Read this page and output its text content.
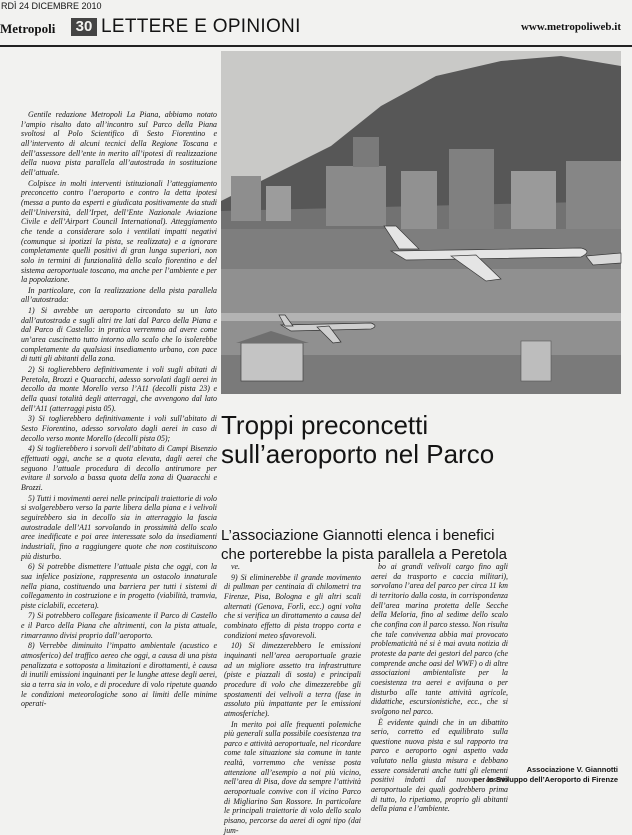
RDÌ 24 DICEMBRE 2010
Metropoli	30 LETTERE E OPINIONI	www.metropoliweb.it

Gentile redazione Metropoli La Piana, abbiamo notato l’ampio risalto dato all’incontro sul Parco della Piana svoltosi al Polo Scientifico di Sesto Fiorentino e all’intervento di alcuni tecnici della Regione Toscana e dell’assessore dell’ente in merito all’ipotesi di realizzazione della nuova pista parallela all’autostrada in sostituzione dell’attuale.

Colpisce in molti interventi istituzionali l’atteggiamento preconcetto contro l’aeroporto e contro la detta ipotesi (messa a punto da esperti e giudicata positivamente da studi dell’Università, dell’Irpet, dell’Ente Nazionale Aviazione Civile e dell’Airport Council International). Atteggiamento che tende a considerare solo i ventilati impatti negativi (comunque si ipotizzi la pista, se realizzata) e a ignorare completamente quelli positivi di gran lunga superiori, non solo in termini di funzionalità dello scalo fiorentino e del sistema aeroportuale toscano, ma anche per l’ambiente e per la popolazione.

In particolare, con la realizzazione della pista parallela all’autostrada:

1) Si avrebbe un aeroporto circondato su un lato dall’autostrada e sugli altri tre lati dal Parco della Piana e dal Parco di Castello: in pratica verremmo ad avere come un’area cuscinetto tutto intorno allo scalo che lo isolerebbe completamente da qualsiasi insediamento urbano, con pace di tutti gli abitanti della zona.

2) Si toglierebbero definitivamente i voli sugli abitati di Peretola, Brozzi e Quaracchi, adesso sorvolati dagli aerei in decollo da monte Morello verso l’A11 (decolli pista 23) e della quasi totalità degli atterraggi, che avvengono dal lato dell’A11 (atterraggi pista 05).

3) Si toglierebbero definitivamente i voli sull’abitato di Sesto Fiorentino, adesso sorvolato dagli aerei in caso di decollo verso monte Morello (decolli pista 05);

4) Si toglierebbero i sorvoli dell’abitato di Campi Bisenzio effettuati oggi, anche se a quota elevata, dagli aerei che seguono l’attuale procedura di decollo antirumore per evitare il sorvolo a bassa quota della zona di Quaracchi e Brozzi.

5) Tutti i movimenti aerei nelle principali traiettorie di volo si svolgerebbero verso la parte libera della piana e i velivoli seguirebbero sia in decollo sia in atterraggio la fascia autostradale dell’A11 sorvolando in prossimità dello scalo aree inedificate e poi aree interessate solo da insediamenti industriali, fino a raggiungere quote che non costituiscono più disturbo.

6) Si potrebbe dismettere l’attuale pista che oggi, con la sua infelice posizione, rappresenta un ostacolo innaturale nella piana, costituendo una barriera per tutti i sistemi di collegamento in costruzione e in progetto (viabilità, tramvia, piste ciclabili, eccetera).

7) Si potrebbero collegare fisicamente il Parco di Castello e il Parco della Piana che altrimenti, con la pista attuale, rimarranno divisi proprio dall’aeroporto.

8) Verrebbe diminuito l’impatto ambientale (acustico e atmosferico) del traffico aereo che oggi, a causa di una pista penalizzata e sottoposta a limitazioni e dirottamenti, è causa di inutili emissioni inquinanti per le lunghe attese degli aerei, sia a terra sia in volo, e di procedure di volo ripetute quando le condizioni meteorologiche sono ai limiti delle minime operati-

Troppi preconcetti
sull’aeroporto nel Parco
L’associazione Giannotti elenca i benefici
che porterebbe la pista parallela a Peretola

ve.

9) Si eliminerebbe il grande movimento di pullman per centinaia di chilometri tra Firenze, Pisa, Bologna e gli altri scali alternati (Genova, Forlì, ecc.) ogni volta che si verifica un dirottamento a causa del combinato effetto di pista troppo corta e condizioni meteo sfavorevoli.

10) Si dimezzerebbero le emissioni inquinanti nell’area aeroportuale grazie ad un migliore assetto tra infrastrutture (piste e piazzali di sosta) e principali procedure di volo che dimezzerebbe gli spostamenti dei velivoli a terra (fase in assoluto più impattante per le emissioni atmosferiche).

In merito poi alle frequenti polemiche più generali sulla possibile coesistenza tra parco e attività aeroportuale, nel ricordare come tale situazione sia comune in tante realtà, vorremmo che venisse posta attenzione all’esempio a noi più vicino, nell’area di Pisa, dove da sempre l’attività aeroportuale convive con il vicino Parco di Migliarino San Rossore. In particolare le principali traiettorie di volo dello scalo pisano, percorse da aerei di ogni tipo (dai jum-

bo ai grandi velivoli cargo fino agli aerei da trasporto e caccia militari), sorvolano l’area del parco per circa 11 km di territorio dalla costa, in corrispondenza dell’area marina protetta delle Secche della Meloria, fino al sedime dello scalo che confina con il parco stesso. Non risulta che tale convivenza abbia mai provocato problematicità né si è mai avuta notizia di proteste da parte dei gestori del parco (che comprende anche oasi del WWF) o di altre associazioni ambientaliste per la coesistenza tra aerei e avifauna o per disturbo alle tante attività agricole, didattiche, escursionistiche, ecc., che si svolgono nel parco.

È evidente quindi che in un dibattito serio, corretto ed equilibrato sulla questione nuova pista e sul rapporto tra parco e aeroporto ogni aspetto vada valutato nella giusta misura e debbano essere considerati anche tutti gli elementi positivi indotti dal nuovo assetto aeroportuale dei quali godrebbero prima di tutto, lo ripetiamo, proprio gli abitanti della piana e l’ambiente.

Associazione V. Giannotti
per lo Sviluppo dell’Aeroporto di Firenze
